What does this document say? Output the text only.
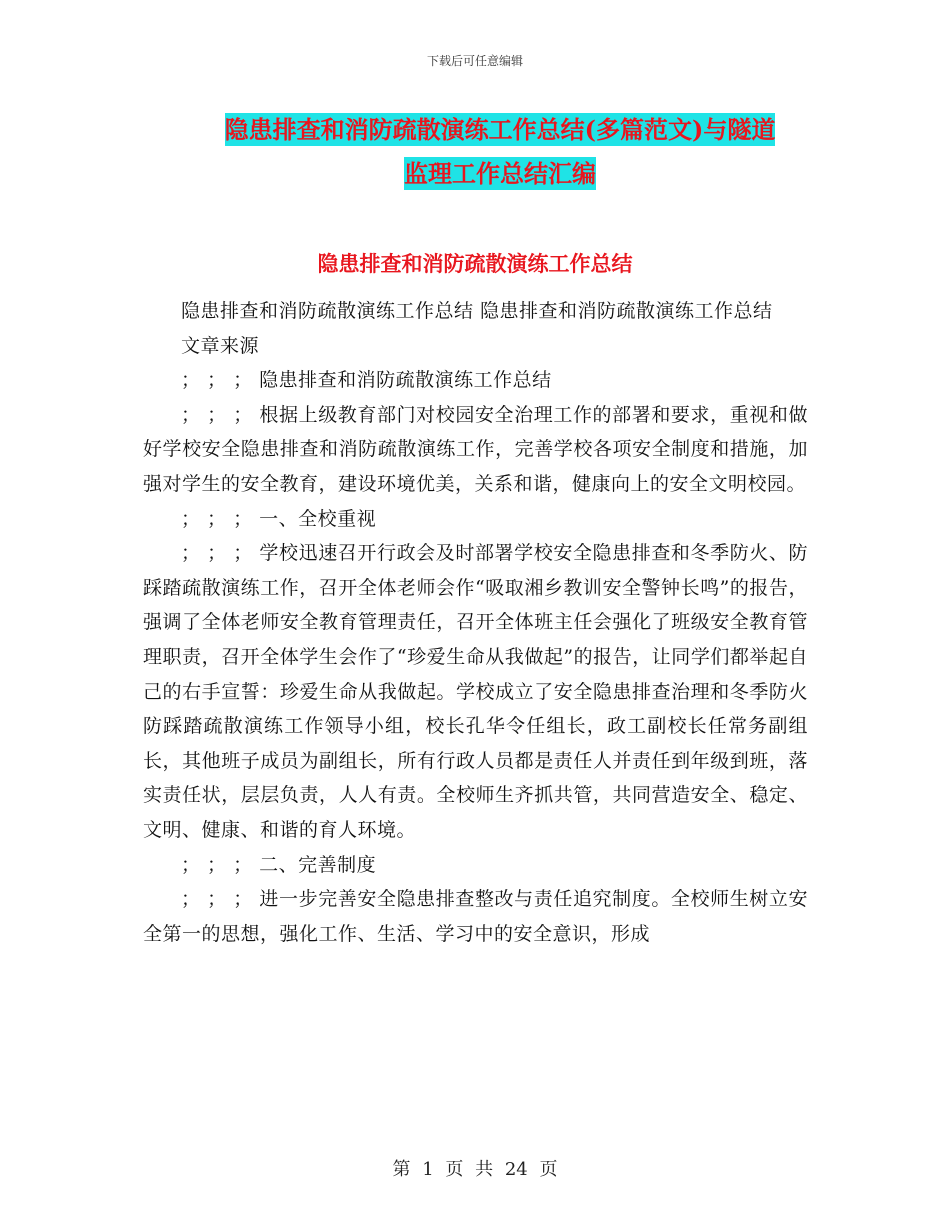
下载后可任意编辑
隐患排查和消防疏散演练工作总结(多篇范文)与隧道
监理工作总结汇编
隐患排查和消防疏散演练工作总结

隐患排查和消防疏散演练工作总结 隐患排查和消防疏散演练工作总结

文章来源

； ； ； 隐患排查和消防疏散演练工作总结

； ； ； 根据上级教育部门对校园安全治理工作的部署和要求，重视和做好学校安全隐患排查和消防疏散演练工作，完善学校各项安全制度和措施，加强对学生的安全教育，建设环境优美，关系和谐，健康向上的安全文明校园。

； ； ； 一、全校重视

； ； ； 学校迅速召开行政会及时部署学校安全隐患排查和冬季防火、防踩踏疏散演练工作，召开全体老师会作“吸取湘乡教训安全警钟长鸣”的报告，强调了全体老师安全教育管理责任，召开全体班主任会强化了班级安全教育管理职责，召开全体学生会作了“珍爱生命从我做起”的报告，让同学们都举起自己的右手宣誓：珍爱生命从我做起。学校成立了安全隐患排查治理和冬季防火防踩踏疏散演练工作领导小组，校长孔华令任组长，政工副校长任常务副组长，其他班子成员为副组长，所有行政人员都是责任人并责任到年级到班，落实责任状，层层负责，人人有责。全校师生齐抓共管，共同营造安全、稳定、文明、健康、和谐的育人环境。

； ； ； 二、完善制度

； ； ； 进一步完善安全隐患排查整改与责任追究制度。全校师生树立安全第一的思想，强化工作、生活、学习中的安全意识，形成

第 1 页 共 24 页
